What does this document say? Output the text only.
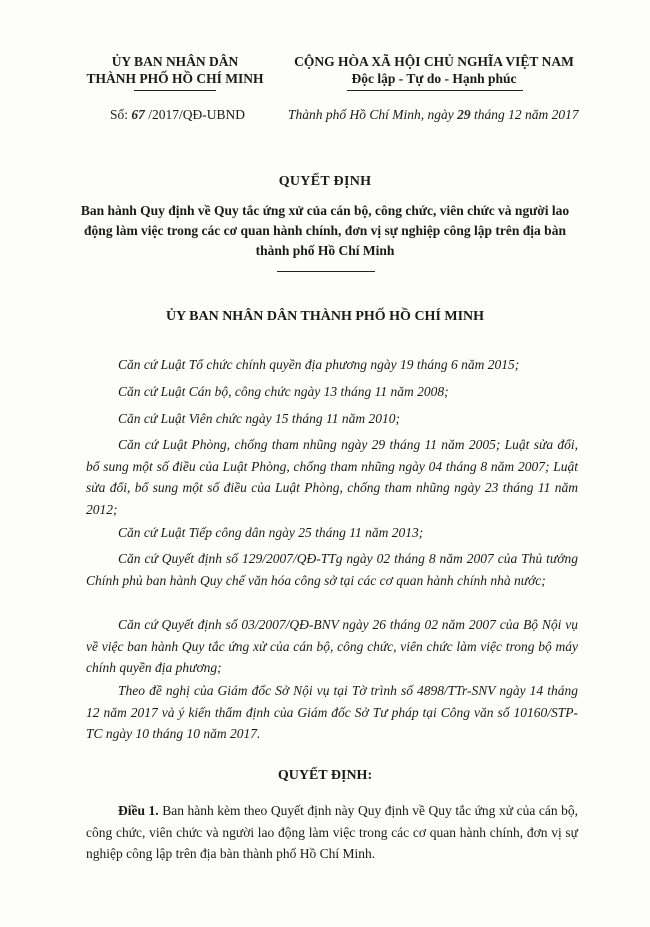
ỦY BAN NHÂN DÂN
THÀNH PHỐ HỒ CHÍ MINH
CỘNG HÒA XÃ HỘI CHỦ NGHĨA VIỆT NAM
Độc lập - Tự do - Hạnh phúc
Số: 67 /2017/QĐ-UBND	Thành phố Hồ Chí Minh, ngày 29 tháng 12 năm 2017
QUYẾT ĐỊNH
Ban hành Quy định về Quy tắc ứng xử của cán bộ, công chức, viên chức và người lao động làm việc trong các cơ quan hành chính, đơn vị sự nghiệp công lập trên địa bàn thành phố Hồ Chí Minh
ỦY BAN NHÂN DÂN THÀNH PHỐ HỒ CHÍ MINH
Căn cứ Luật Tổ chức chính quyền địa phương ngày 19 tháng 6 năm 2015;
Căn cứ Luật Cán bộ, công chức ngày 13 tháng 11 năm 2008;
Căn cứ Luật Viên chức ngày 15 tháng 11 năm 2010;
Căn cứ Luật Phòng, chống tham nhũng ngày 29 tháng 11 năm 2005; Luật sửa đổi, bổ sung một số điều của Luật Phòng, chống tham nhũng ngày 04 tháng 8 năm 2007; Luật sửa đổi, bổ sung một số điều của Luật Phòng, chống tham nhũng ngày 23 tháng 11 năm 2012;
Căn cứ Luật Tiếp công dân ngày 25 tháng 11 năm 2013;
Căn cứ Quyết định số 129/2007/QĐ-TTg ngày 02 tháng 8 năm 2007 của Thủ tướng Chính phủ ban hành Quy chế văn hóa công sở tại các cơ quan hành chính nhà nước;
Căn cứ Quyết định số 03/2007/QĐ-BNV ngày 26 tháng 02 năm 2007 của Bộ Nội vụ về việc ban hành Quy tắc ứng xử của cán bộ, công chức, viên chức làm việc trong bộ máy chính quyền địa phương;
Theo đề nghị của Giám đốc Sở Nội vụ tại Tờ trình số 4898/TTr-SNV ngày 14 tháng 12 năm 2017 và ý kiến thẩm định của Giám đốc Sở Tư pháp tại Công văn số 10160/STP-TC ngày 10 tháng 10 năm 2017.
QUYẾT ĐỊNH:
Điều 1. Ban hành kèm theo Quyết định này Quy định về Quy tắc ứng xử của cán bộ, công chức, viên chức và người lao động làm việc trong các cơ quan hành chính, đơn vị sự nghiệp công lập trên địa bàn thành phố Hồ Chí Minh.
